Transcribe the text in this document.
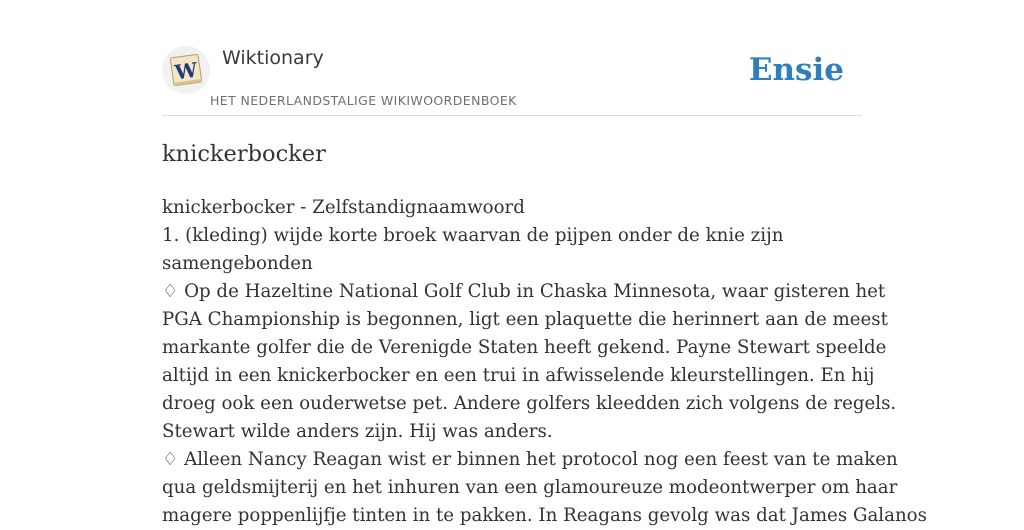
W Wiktionary
HET NEDERLANDSTALIGE WIKIWOORDENBOEK
Ensie
knickerbocker
knickerbocker - Zelfstandignaamwoord
1. (kleding) wijde korte broek waarvan de pijpen onder de knie zijn
samengebonden
♢ Op de Hazeltine National Golf Club in Chaska Minnesota, waar gisteren het
PGA Championship is begonnen, ligt een plaquette die herinnert aan de meest
markante golfer die de Verenigde Staten heeft gekend. Payne Stewart speelde
altijd in een knickerbocker en een trui in afwisselende kleurstellingen. En hij
droeg ook een ouderwetse pet. Andere golfers kleedden zich volgens de regels.
Stewart wilde anders zijn. Hij was anders.
♢ Alleen Nancy Reagan wist er binnen het protocol nog een feest van te maken
qua geldsmijterij en het inhuren van een glamoureuze modeontwerper om haar
magere poppenlijfje tinten in te pakken. In Reagans gevolg was dat James Galanos
